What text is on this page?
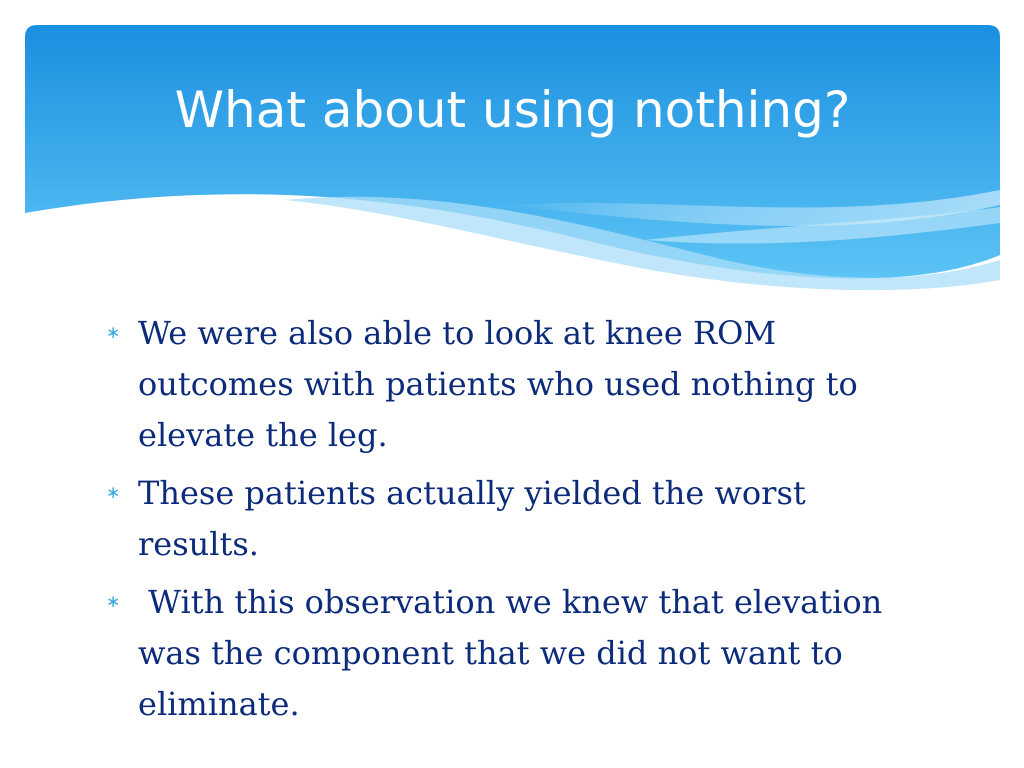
What about using nothing?
∗ We were also able to look at knee ROM outcomes with patients who used nothing to elevate the leg.
∗ These patients actually yielded the worst results.
∗ With this observation we knew that elevation was the component that we did not want to eliminate.
